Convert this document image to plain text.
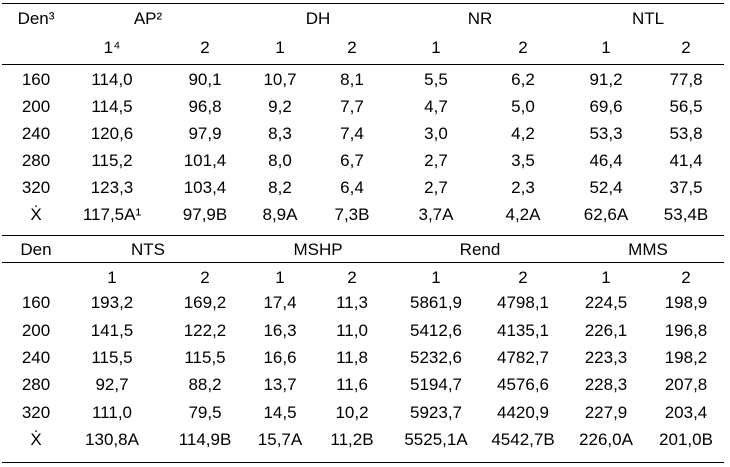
Den³	AP²	DH	NR	NTL
1⁴	2	1	2	1	2	1	2
160	114,0	90,1	10,7	8,1	5,5	6,2	91,2	77,8
200	114,5	96,8	9,2	7,7	4,7	5,0	69,6	56,5
240	120,6	97,9	8,3	7,4	3,0	4,2	53,3	53,8
280	115,2	101,4	8,0	6,7	2,7	3,5	46,4	41,4
320	123,3	103,4	8,2	6,4	2,7	2,3	52,4	37,5
Ẋ	117,5A¹	97,9B	8,9A	7,3B	3,7A	4,2A	62,6A	53,4B
Den	NTS	MSHP	Rend	MMS
1	2	1	2	1	2	1	2
160	193,2	169,2	17,4	11,3	5861,9	4798,1	224,5	198,9
200	141,5	122,2	16,3	11,0	5412,6	4135,1	226,1	196,8
240	115,5	115,5	16,6	11,8	5232,6	4782,7	223,3	198,2
280	92,7	88,2	13,7	11,6	5194,7	4576,6	228,3	207,8
320	111,0	79,5	14,5	10,2	5923,7	4420,9	227,9	203,4
Ẋ	130,8A	114,9B	15,7A	11,2B	5525,1A	4542,7B	226,0A	201,0B
